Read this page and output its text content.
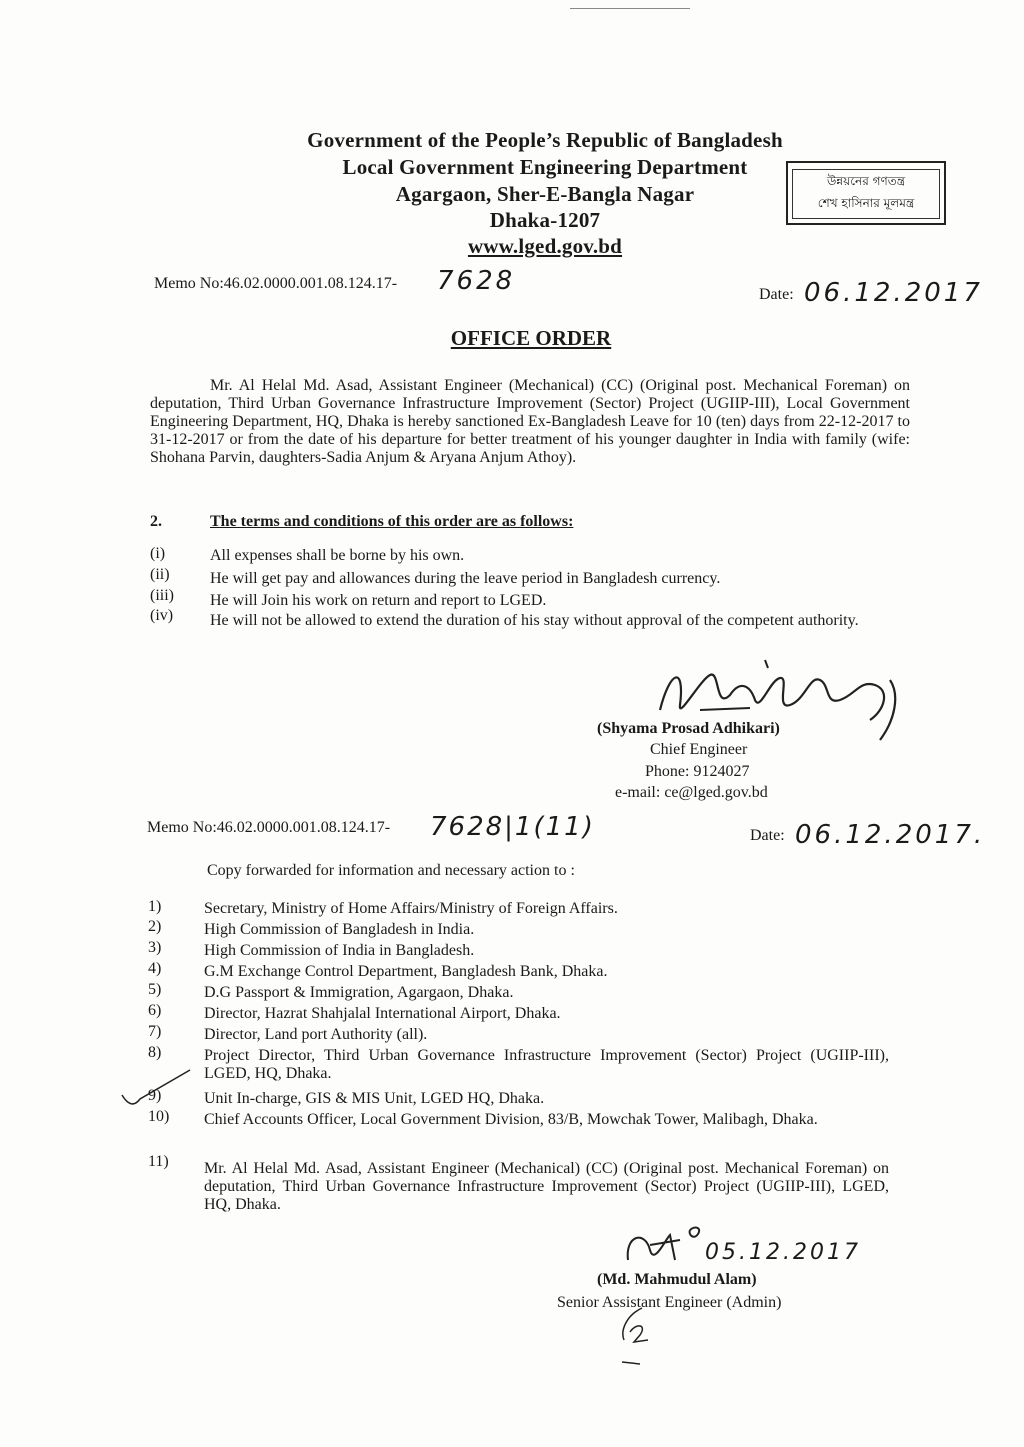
Government of the People’s Republic of Bangladesh
Local Government Engineering Department
Agargaon, Sher-E-Bangla Nagar
Dhaka-1207
www.lged.gov.bd
উন্নয়নের গণতন্ত্র
শেখ হাসিনার মূলমন্ত্র
Memo No:46.02.0000.001.08.124.17- 7628	Date: 06.12.2017
OFFICE ORDER
Mr. Al Helal Md. Asad, Assistant Engineer (Mechanical) (CC) (Original post. Mechanical Foreman) on deputation, Third Urban Governance Infrastructure Improvement (Sector) Project (UGIIP-III), Local Government Engineering Department, HQ, Dhaka is hereby sanctioned Ex-Bangladesh Leave for 10 (ten) days from 22-12-2017 to 31-12-2017 or from the date of his departure for better treatment of his younger daughter in India with family (wife: Shohana Parvin, daughters-Sadia Anjum & Aryana Anjum Athoy).
2.	The terms and conditions of this order are as follows:
(i)	All expenses shall be borne by his own.
(ii)	He will get pay and allowances during the leave period in Bangladesh currency.
(iii)	He will Join his work on return and report to LGED.
(iv)	He will not be allowed to extend the duration of his stay without approval of the competent authority.
(Shyama Prosad Adhikari)
Chief Engineer
Phone: 9124027
e-mail: ce@lged.gov.bd
Memo No:46.02.0000.001.08.124.17- 7628|1(11)	Date: 06.12.2017.
Copy forwarded for information and necessary action to :
1)	Secretary, Ministry of Home Affairs/Ministry of Foreign Affairs.
2)	High Commission of Bangladesh in India.
3)	High Commission of India in Bangladesh.
4)	G.M Exchange Control Department, Bangladesh Bank, Dhaka.
5)	D.G Passport & Immigration, Agargaon, Dhaka.
6)	Director, Hazrat Shahjalal International Airport, Dhaka.
7)	Director, Land port Authority (all).
8)	Project Director, Third Urban Governance Infrastructure Improvement (Sector) Project (UGIIP-III), LGED, HQ, Dhaka.
9)	Unit In-charge, GIS & MIS Unit, LGED HQ, Dhaka.
10)	Chief Accounts Officer, Local Government Division, 83/B, Mowchak Tower, Malibagh, Dhaka.
11)	Mr. Al Helal Md. Asad, Assistant Engineer (Mechanical) (CC) (Original post. Mechanical Foreman) on deputation, Third Urban Governance Infrastructure Improvement (Sector) Project (UGIIP-III), LGED, HQ, Dhaka.
05.12.2017
(Md. Mahmudul Alam)
Senior Assistant Engineer (Admin)
